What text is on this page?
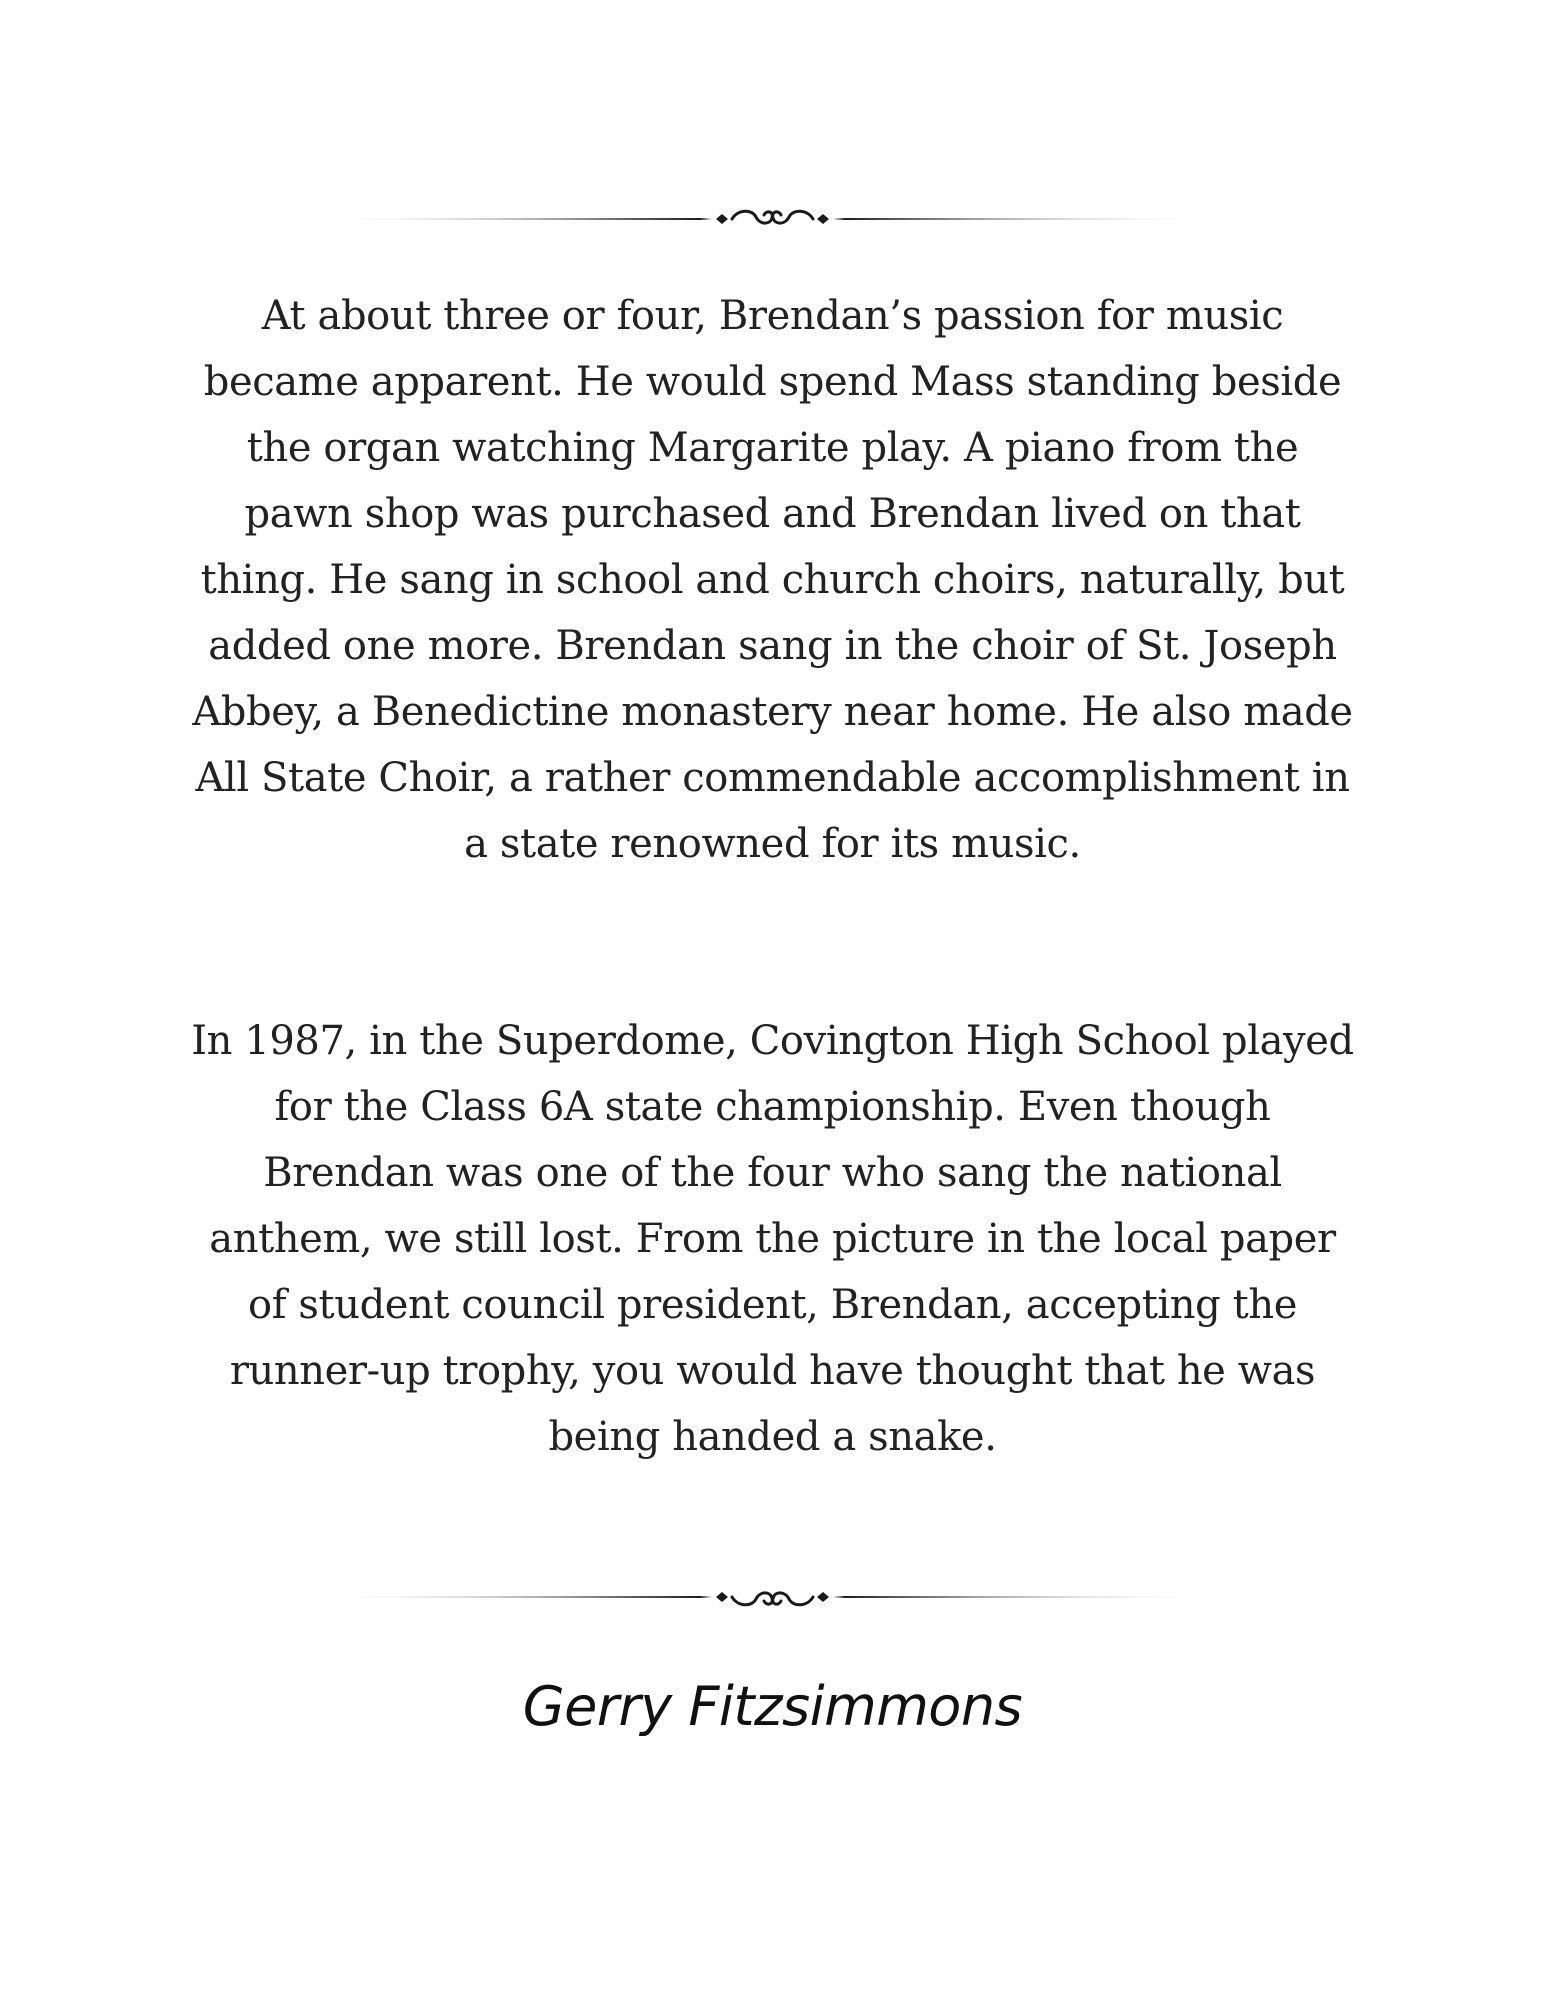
At about three or four, Brendan’s passion for music became apparent. He would spend Mass standing beside the organ watching Margarite play. A piano from the pawn shop was purchased and Brendan lived on that thing. He sang in school and church choirs, naturally, but added one more. Brendan sang in the choir of St. Joseph Abbey, a Benedictine monastery near home. He also made All State Choir, a rather commendable accomplishment in a state renowned for its music.

In 1987, in the Superdome, Covington High School played for the Class 6A state championship. Even though Brendan was one of the four who sang the national anthem, we still lost. From the picture in the local paper of student council president, Brendan, accepting the runner-up trophy, you would have thought that he was being handed a snake.

Gerry Fitzsimmons
